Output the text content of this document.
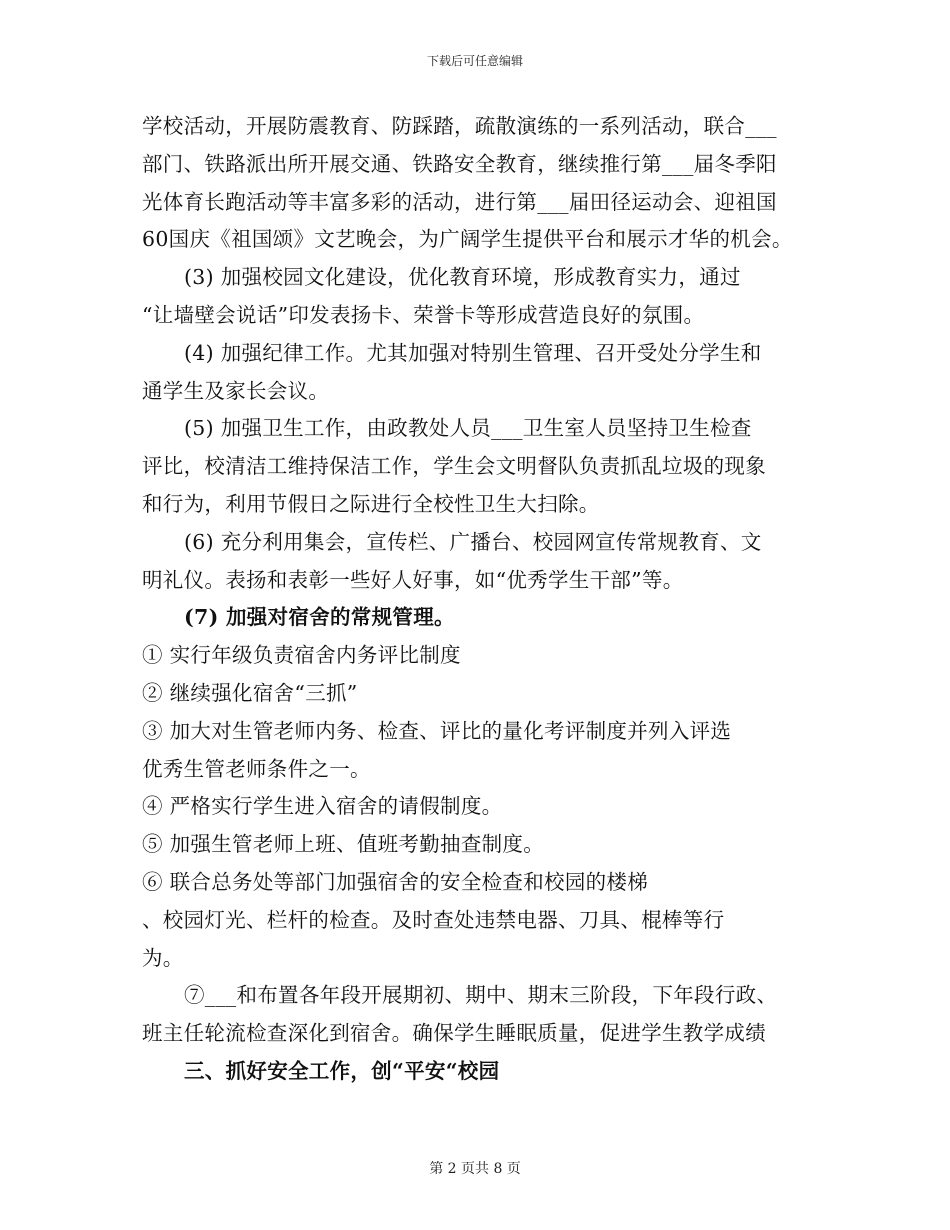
下载后可任意编辑
学校活动，开展防震教育、防踩踏，疏散演练的一系列活动，联合___
部门、铁路派出所开展交通、铁路安全教育，继续推行第___届冬季阳
光体育长跑活动等丰富多彩的活动，进行第___届田径运动会、迎祖国
60国庆《祖国颂》文艺晚会，为广阔学生提供平台和展示才华的机会。
(3) 加强校园文化建设，优化教育环境，形成教育实力，通过
“让墙壁会说话”印发表扬卡、荣誉卡等形成营造良好的氛围。
(4) 加强纪律工作。尤其加强对特别生管理、召开受处分学生和
通学生及家长会议。
(5) 加强卫生工作，由政教处人员___卫生室人员坚持卫生检查
评比，校清洁工维持保洁工作，学生会文明督队负责抓乱垃圾的现象
和行为，利用节假日之际进行全校性卫生大扫除。
(6) 充分利用集会，宣传栏、广播台、校园网宣传常规教育、文
明礼仪。表扬和表彰一些好人好事，如“优秀学生干部”等。
(7) 加强对宿舍的常规管理。
① 实行年级负责宿舍内务评比制度
② 继续强化宿舍“三抓”
③ 加大对生管老师内务、检查、评比的量化考评制度并列入评选
优秀生管老师条件之一。
④ 严格实行学生进入宿舍的请假制度。
⑤ 加强生管老师上班、值班考勤抽查制度。
⑥ 联合总务处等部门加强宿舍的安全检查和校园的楼梯
、校园灯光、栏杆的检查。及时查处违禁电器、刀具、棍棒等行
为。
⑦___和布置各年段开展期初、期中、期末三阶段，下年段行政、
班主任轮流检查深化到宿舍。确保学生睡眠质量，促进学生教学成绩
三、抓好安全工作，创“平安“校园
第 2 页共 8 页
